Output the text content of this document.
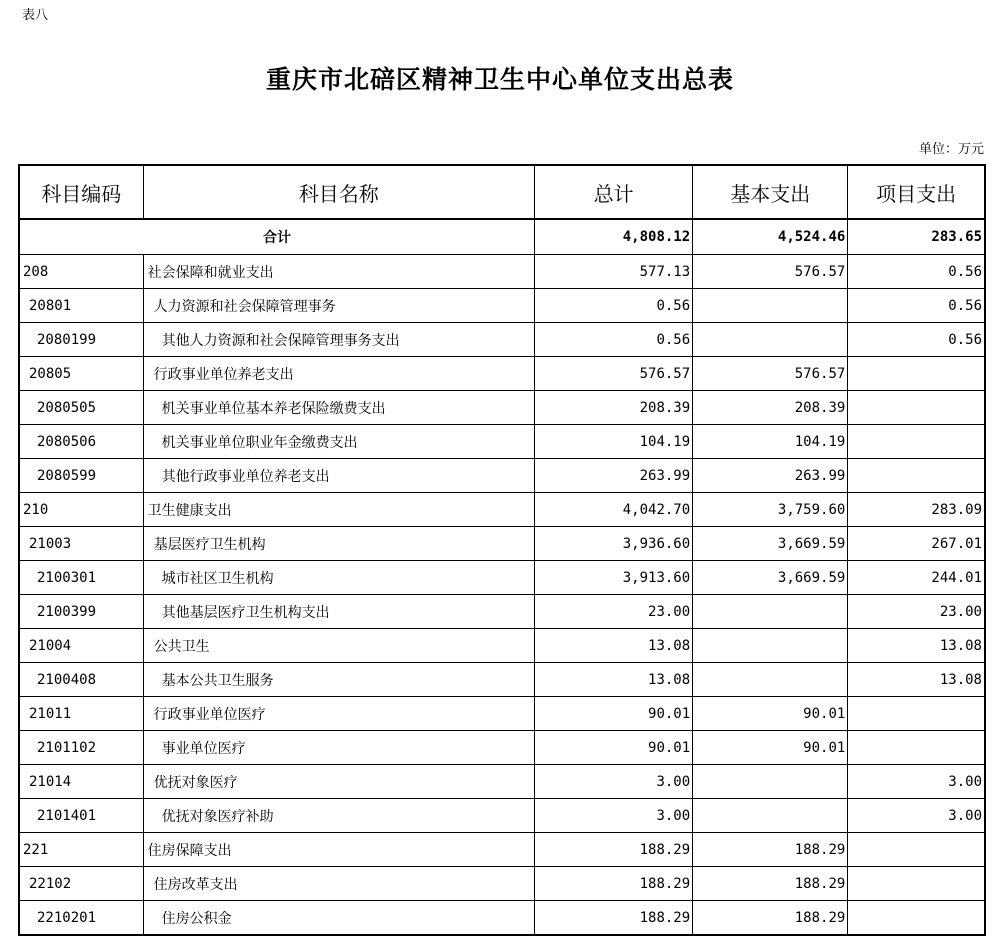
表八
重庆市北碚区精神卫生中心单位支出总表
单位：万元
科目编码	科目名称	总计	基本支出	项目支出
合计		4,808.12	4,524.46	283.65
208	社会保障和就业支出	577.13	576.57	0.56
20801	人力资源和社会保障管理事务	0.56		0.56
2080199	其他人力资源和社会保障管理事务支出	0.56		0.56
20805	行政事业单位养老支出	576.57	576.57	
2080505	机关事业单位基本养老保险缴费支出	208.39	208.39	
2080506	机关事业单位职业年金缴费支出	104.19	104.19	
2080599	其他行政事业单位养老支出	263.99	263.99	
210	卫生健康支出	4,042.70	3,759.60	283.09
21003	基层医疗卫生机构	3,936.60	3,669.59	267.01
2100301	城市社区卫生机构	3,913.60	3,669.59	244.01
2100399	其他基层医疗卫生机构支出	23.00		23.00
21004	公共卫生	13.08		13.08
2100408	基本公共卫生服务	13.08		13.08
21011	行政事业单位医疗	90.01	90.01	
2101102	事业单位医疗	90.01	90.01	
21014	优抚对象医疗	3.00		3.00
2101401	优抚对象医疗补助	3.00		3.00
221	住房保障支出	188.29	188.29	
22102	住房改革支出	188.29	188.29	
2210201	住房公积金	188.29	188.29	
